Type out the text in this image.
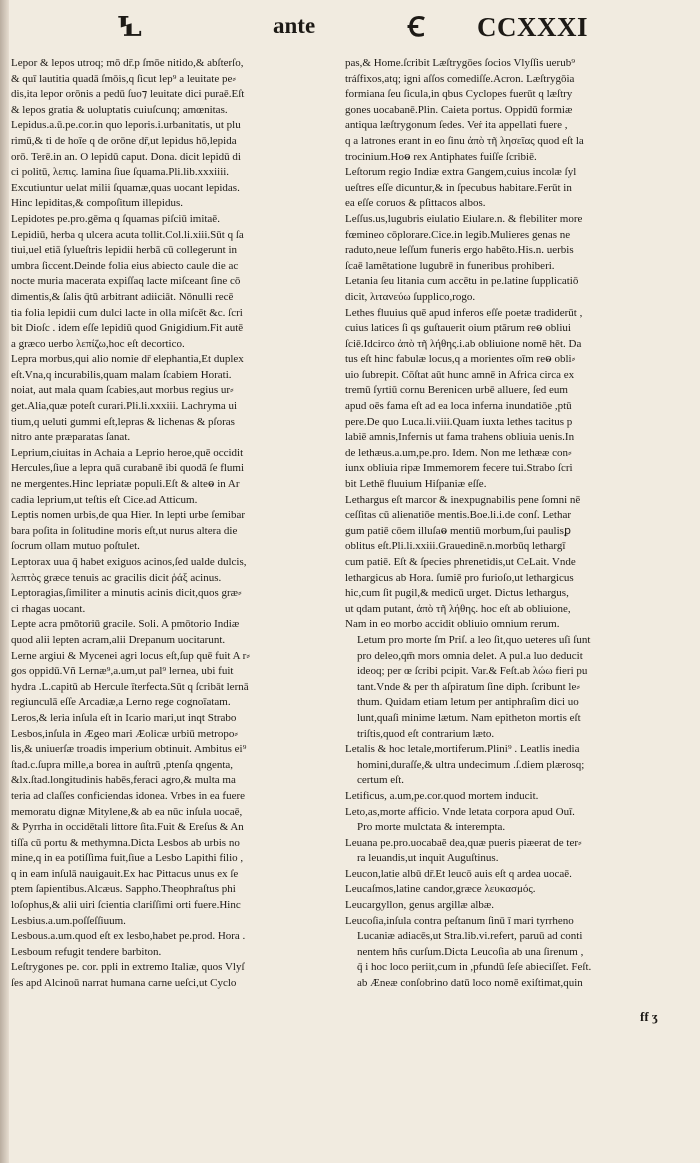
Ꝇ	ante	Ꞓ CCXXXI
Lepor & lepos utroq; mō dr̄.p ſmōe nitido,& abſterſo,
& quī lautitia quadā ſmōis,q ſicut lep⁹ a leuitate pe⸗
dis,ita lepor orōnis a pedū ſuo⁊ leuitate dici puraē.Eſt
& lepos gratia & uoluptatis cuiuſcunq; amœnitas.
Lepidus.a.ū.pe.cor.in quo leporis.i.urbanitatis, ut plu
rimū,& ti de hoīe q de orōne dr̄,ut lepidus hō,lepida
orō. Terē.in an. O lepidū caput. Dona. dicit lepidū di
ci politū, λεπις. lamina ſiue ſquama.Pli.lib.xxxiiii.
Excutiuntur uelat milii ſquamæ,quas uocant lepidas.
Hinc lepiditas,& compoſitum illepidus.
Lepidotes pe.pro.gēma q ſquamas piſciū imitaē.
Lepidiū, herba q ulcera acuta tollit.Col.li.xiii.Sūt q ſa
tiui,uel etiā ſylueſtris lepidii herbā cū collegerunt in
umbra ſiccent.Deinde folia eius abiecto caule die ac
nocte muria macerata expiſſaq lacte miſceant ſine cō
dimentis,& ſalis q̄tū arbitrant adiiciāt. Nōnulli recē
tia folia lepidii cum dulci lacte in olla miſcēt &c. ſcri
bit Dioſc . idem eſſe lepidiū quod Gnigidium.Fit autē
a græco uerbo λεπίζω,hoc eſt decortico.
Lepra morbus,qui alio nomie dr̄ elephantia,Et duplex
eſt.Vna,q incurabilis,quam malam ſcabiem Horati.
noiat, aut mala quam ſcabies,aut morbus regius ur⸗
get.Alia,quæ poteſt curari.Pli.li.xxxiii. Lachryma ui
tium,q ueluti gummi eſt,lepras & lichenas & pſoras
nitro ante præparatas ſanat.
Leprium,ciuitas in Achaia a Leprio heroe,quē occidit
Hercules,ſiue a lepra quā curabanē ibi quodā ſe flumi
ne mergentes.Hinc lepriatæ populi.Eſt & alteⱺ in Ar
cadia leprium,ut teſtis eſt Cice.ad Atticum.
Leptis nomen urbis,de qua Hier. In lepti urbe ſemibar
bara poſita in ſolitudine moris eſt,ut nurus altera die
ſocrum ollam mutuo poſtulet.
Leptorax uua q̄ habet exiguos acinos,ſed ualde dulcis,
λεπτὸς græce tenuis ac gracilis dicit ῥάξ acinus.
Leptoragias,ſimiliter a minutis acinis dicit,quos græ⸗
ci rhagas uocant.
Lepte acra pmōtoriū gracile. Soli. A pmōtorio Indiæ
quod alii lepten acram,alii Drepanum uocitarunt.
Lerne argiui & Mycenei agri locus eſt,ſup quē fuit A r⸗
gos oppidū.Vñ Lernæ⁹,a.um,ut pal⁹ lernea, ubi fuit
hydra .L.capitū ab Hercule īterfecta.Sūt q ſcribāt lernā
regiunculā eſſe Arcadiæ,a Lerno rege cognoīatam.
Leros,& leria inſula eſt in Icario mari,ut inqt Strabo
Lesbos,inſula in Ægeo mari Æolicæ urbiū metropo⸗
lis,& uniuerſæ troadis imperium obtinuit. Ambitus ei⁹
ſtad.c.ſupra mille,a borea in auſtrū ,ptenſa qngenta,
&lx.ſtad.longitudinis habēs,feraci agro,& multa ma
teria ad claſſes conficiendas idonea. Vrbes in ea fuere
memoratu dignæ Mitylene,& ab ea nūc inſula uocaē,
& Pyrrha in occidētali littore ſita.Fuit & Ereſus & An
tiſſa cū portu & methymna.Dicta Lesbos ab urbis no
mine,q in ea potiſſima fuit,ſiue a Lesbo Lapithi filio ,
q in eam inſulā nauigauit.Ex hac Pittacus unus ex ſe
ptem ſapientibus.Alcæus. Sappho.Theophraſtus phi
loſophus,& alii uiri ſcientia clariſſimi orti fuere.Hinc
Lesbius.a.um.poſſeſſiuum.
Lesbous.a.um.quod eſt ex lesbo,habet pe.prod. Hora .
Lesboum refugit tendere barbiton.
Leſtrygones pe. cor. ppli in extremo Italiæ, quos Vlyſ
ſes apd Alcinoū narrat humana carne ueſci,ut Cyclo
pas,& Home.ſcribit Læſtrygōes ſocios Vlyſſis uerub⁹
tráſfixos,atq; igni aſſos comediſſe.Acron. Læſtrygōia
formiana ſeu ſicula,in qbus Cyclopes fuerūt q læſtry
gones uocabanē.Plin. Caieta portus. Oppidū formiæ
antiqua læſtrygonum ſedes. Veṙ ita appellati fuere ,
q a latrones erant in eo ſinu ἀπὸ τῆ λησεῖας quod eſt la
trocinium.Hoⱺ rex Antiphates fuiſſe ſcribiē.
Leſtorum regio Indiæ extra Gangem,cuius incolæ ſyl
ueſtres eſſe dicuntur,& in ſpecubus habitare.Ferūt in
ea eſſe coruos & pſittacos albos.
Leſſus.us,lugubris eiulatio Eiulare.n. & flebiliter more
fœmineo cōplorare.Cice.in legib.Mulieres genas ne
raduto,neue leſſum funeris ergo habēto.His.n. uerbis
ſcaē lamētatione lugubrē in funeribus prohiberi.
Letania ſeu litania cum accētu in pe.latine ſupplicatiō
dicit, λιτανεύω ſupplico,rogo.
Lethes fluuius quē apud inferos eſſe poetæ tradiderūt ,
cuius latices ſi qs guſtauerit oium ptārum reⱺ obliui
ſciē.Idcirco ἀπὸ τῆ λήθης.i.ab obliuione nomē hēt. Da
tus eſt hinc fabulæ locus,q a morientes oīm reⱺ obli⸗
uio ſubrepit. Cōſtat aūt hunc amnē in Africa circa ex
tremū ſyrtiū cornu Berenicen urbē alluere, ſed eum
apud oēs fama eſt ad ea loca inferna inundatiōe ,ptū
pere.De quo Luca.li.viii.Quam iuxta lethes tacitus p
labiē amnis,Infernis ut fama trahens obliuia uenis.In
de lethæus.a.um,pe.pro. Idem. Non me lethææ con⸗
iunx obliuia ripæ Immemorem fecere tui.Strabo ſcri
bit Lethē fluuium Hiſpaniæ eſſe.
Lethargus eſt marcor & inexpugnabilis pene ſomni nē
ceſſitas cū alienatiōe mentis.Boe.li.i.de conſ. Lethar
gum patiē cōem illuſaⱺ mentiū morbum,ſui paulisꝑ
oblitus eſt.Pli.li.xxiii.Grauedinē.n.morbūq lethargī
cum patiē. Eſt & ſpecies phrenetidis,ut CeLait. Vnde
lethargicus ab Hora. ſumiē pro furioſo,ut lethargicus
hic,cum ſit pugil,& medicū urget. Dictus lethargus,
ut qdam putant, ἀπὸ τῆ λήθης. hoc eſt ab obliuione,
Nam in eo morbo accidit obliuio omnium rerum.
Letum pro morte ſm Priſ. a leo ſit,quo ueteres uſi ſunt
pro deleo,qm̄ mors omnia delet. A pul.a luo deducit
ideoq; per œ ſcribi pcipit. Var.& Feſt.ab λώω fieri pu
tant.Vnde & per th aſpiratum ſine diph. ſcribunt le⸗
thum. Quidam etiam letum per antiphraſim dici uo
lunt,quaſi minime lætum. Nam epitheton mortis eſt
triſtis,quod eſt contrarium læto.
Letalis & hoc letale,mortiferum.Plini⁹ . Leatlis inedia
homini,duraſſe,& ultra undecimum .ſ.diem plærosq;
certum eſt.
Letificus, a.um,pe.cor.quod mortem inducit.
Leto,as,morte afficio. Vnde letata corpora apud Ouī.
Pro morte mulctata & interempta.
Leuana pe.pro.uocabaē dea,quæ pueris piæerat de ter⸗
ra leuandis,ut inquit Auguſtinus.
Leucon,latie albū dr̄.Et leucō auis eſt q ardea uocaē.
Leucaſmos,latine candor,græce λευκασμός.
Leucargyllon, genus argillæ albæ.
Leucoſia,inſula contra peſtanum ſinū ī mari tyrrheno
Lucaniæ adiacēs,ut Stra.lib.vi.refert, paruū ad conti
nentem hñs curſum.Dicta Leucoſia ab una ſirenum ,
q̄ i hoc loco periit,cum in ,pfundū ſeſe abieciſſet. Feſt.
ab Æneæ conſobrino datū loco nomē exiſtimat,quin
ff ʒ
